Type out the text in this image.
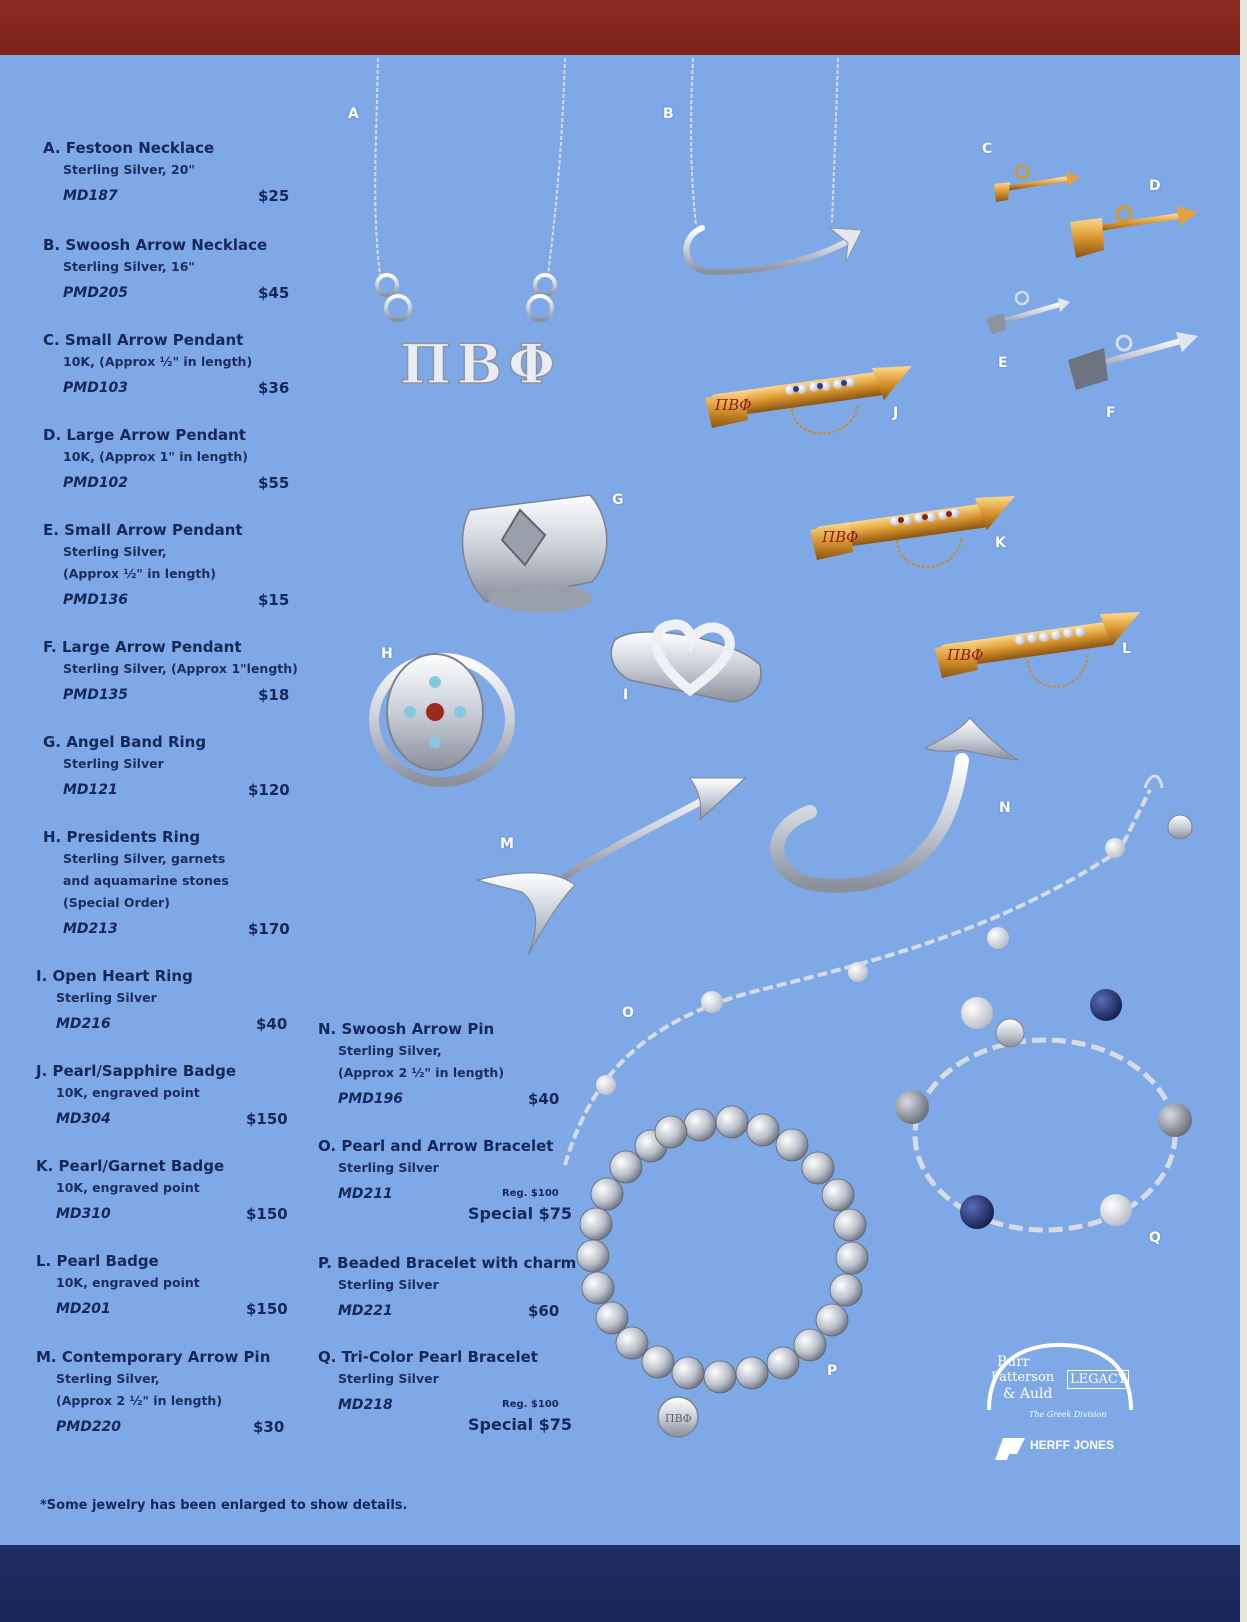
A. Festoon Necklace
Sterling Silver, 20"
MD187	$25
B. Swoosh Arrow Necklace
Sterling Silver, 16"
PMD205	$45
C. Small Arrow Pendant
10K, (Approx ½" in length)
PMD103	$36
D. Large Arrow Pendant
10K, (Approx 1" in length)
PMD102	$55
E. Small Arrow Pendant
Sterling Silver,
(Approx ½" in length)
PMD136	$15
F. Large Arrow Pendant
Sterling Silver, (Approx 1"length)
PMD135	$18
G. Angel Band Ring
Sterling Silver
MD121	$120
H. Presidents Ring
Sterling Silver, garnets
and aquamarine stones
(Special Order)
MD213	$170
I. Open Heart Ring
Sterling Silver
MD216	$40
J. Pearl/Sapphire Badge
10K, engraved point
MD304	$150
K. Pearl/Garnet Badge
10K, engraved point
MD310	$150
L. Pearl Badge
10K, engraved point
MD201	$150
M. Contemporary Arrow Pin
Sterling Silver,
(Approx 2 ½" in length)
PMD220	$30
N. Swoosh Arrow Pin
Sterling Silver,
(Approx 2 ½" in length)
PMD196	$40
O. Pearl and Arrow Bracelet
Sterling Silver
MD211	Reg. $100
Special $75
P. Beaded Bracelet with charm
Sterling Silver
MD221	$60
Q. Tri-Color Pearl Bracelet
Sterling Silver
MD218	Reg. $100
Special $75
*Some jewelry has been enlarged to show details.
ΠΒΦ
ΠΒΦ
ΠΒΦ
ΠΒΦ
ΠΒΦ
A	B
C
D
E
F
G
H
I
J
K
L
M
N
O
P
Q
Burr
Patterson
& Auld
LEGACY
The Greek Division
HERFF JONES
